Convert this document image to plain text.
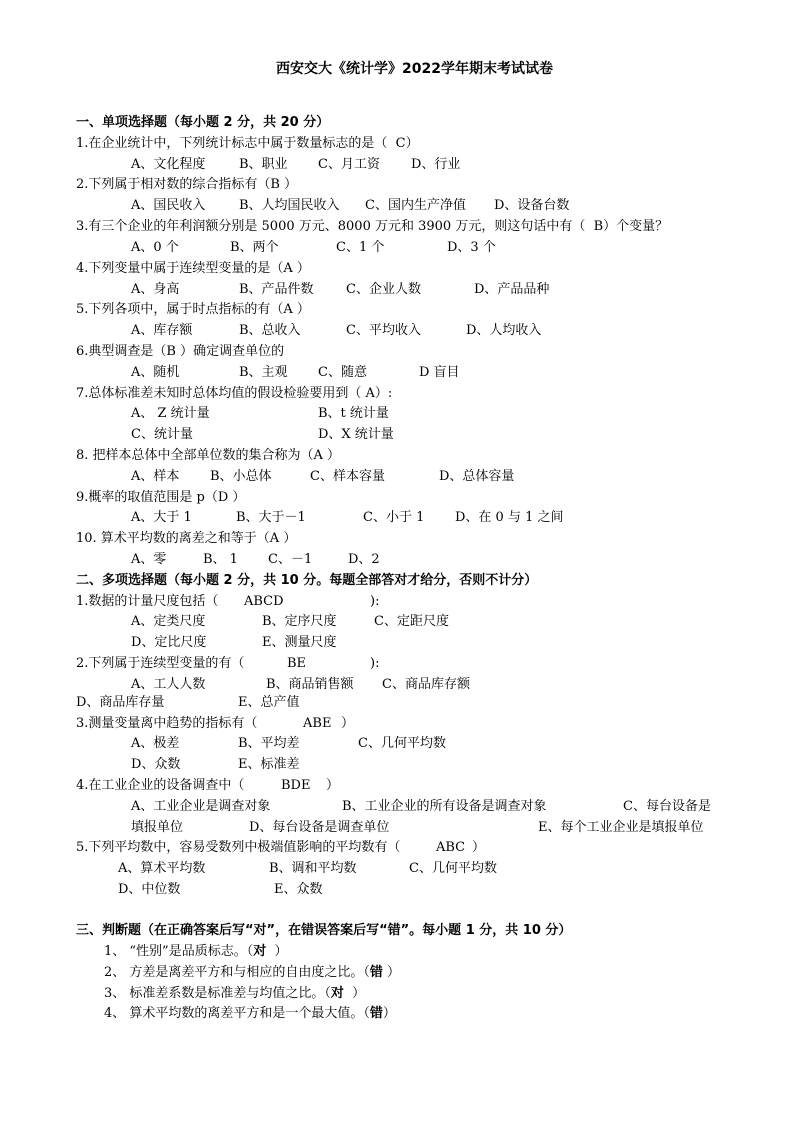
西安交大《统计学》2022学年期末考试试卷
一、单项选择题（每小题 2 分，共 20 分）
1.在企业统计中，下列统计标志中属于数量标志的是（  C）
A、文化程度	B、职业 C、月工资 D、行业
2.下列属于相对数的综合指标有（B ）
A、国民收入	B、人均国民收入 C、国内生产净值 D、设备台数
3.有三个企业的年利润额分别是 5000 万元、8000 万元和 3900 万元，则这句话中有（  B）个变量？
A、0 个	B、两个	C、1 个	D、3 个
4.下列变量中属于连续型变量的是（A ）
A、身高	B、产品件数 C、企业人数	D、产品品种
5.下列各项中，属于时点指标的有（A ）
A、库存额	B、总收入	C、平均收入	D、人均收入
6.典型调查是（B ）确定调查单位的
A、随机	B、主观 C、随意	D 盲目
7.总体标准差未知时总体均值的假设检验要用到（ A）:
A、 Z 统计量	B、t 统计量
C、统计量	D、X 统计量
8. 把样本总体中全部单位数的集合称为（A ）
A、样本 B、小总体	C、样本容量	D、总体容量
9.概率的取值范围是 p（D ）
A、大于 1	B、大于－1	C、小于 1 D、在 0 与 1 之间
10. 算术平均数的离差之和等于（A ）
A、零	B、 1 C、－1	D、2
二、多项选择题（每小题 2 分，共 10 分。每题全部答对才给分，否则不计分）
1.数据的计量尺度包括（ ABCD	):
A、定类尺度	B、定序尺度	C、定距尺度
D、定比尺度	E、测量尺度
2.下列属于连续型变量的有（	BE	):
A、工人人数	B、商品销售额 C、商品库存额
D、商品库存量	E、总产值
3.测量变量离中趋势的指标有（	ABE ）
A、极差	B、平均差	C、几何平均数
D、众数	E、标准差
4.在工业企业的设备调查中（	BDE ）
A、工业企业是调查对象	B、工业企业的所有设备是调查对象	C、每台设备是
填报单位	D、每台设备是调查单位	E、每个工业企业是填报单位
5.下列平均数中，容易受数列中极端值影响的平均数有（	ABC ）
A、算术平均数	B、调和平均数	C、几何平均数
D、中位数	E、众数
三、判断题（在正确答案后写“对”，在错误答案后写“错”。每小题 1 分，共 10 分）
1、 “性别”是品质标志。（对  ）
2、 方差是离差平方和与相应的自由度之比。（错 ）
3、 标准差系数是标准差与均值之比。（对  ）
4、 算术平均数的离差平方和是一个最大值。（错）
